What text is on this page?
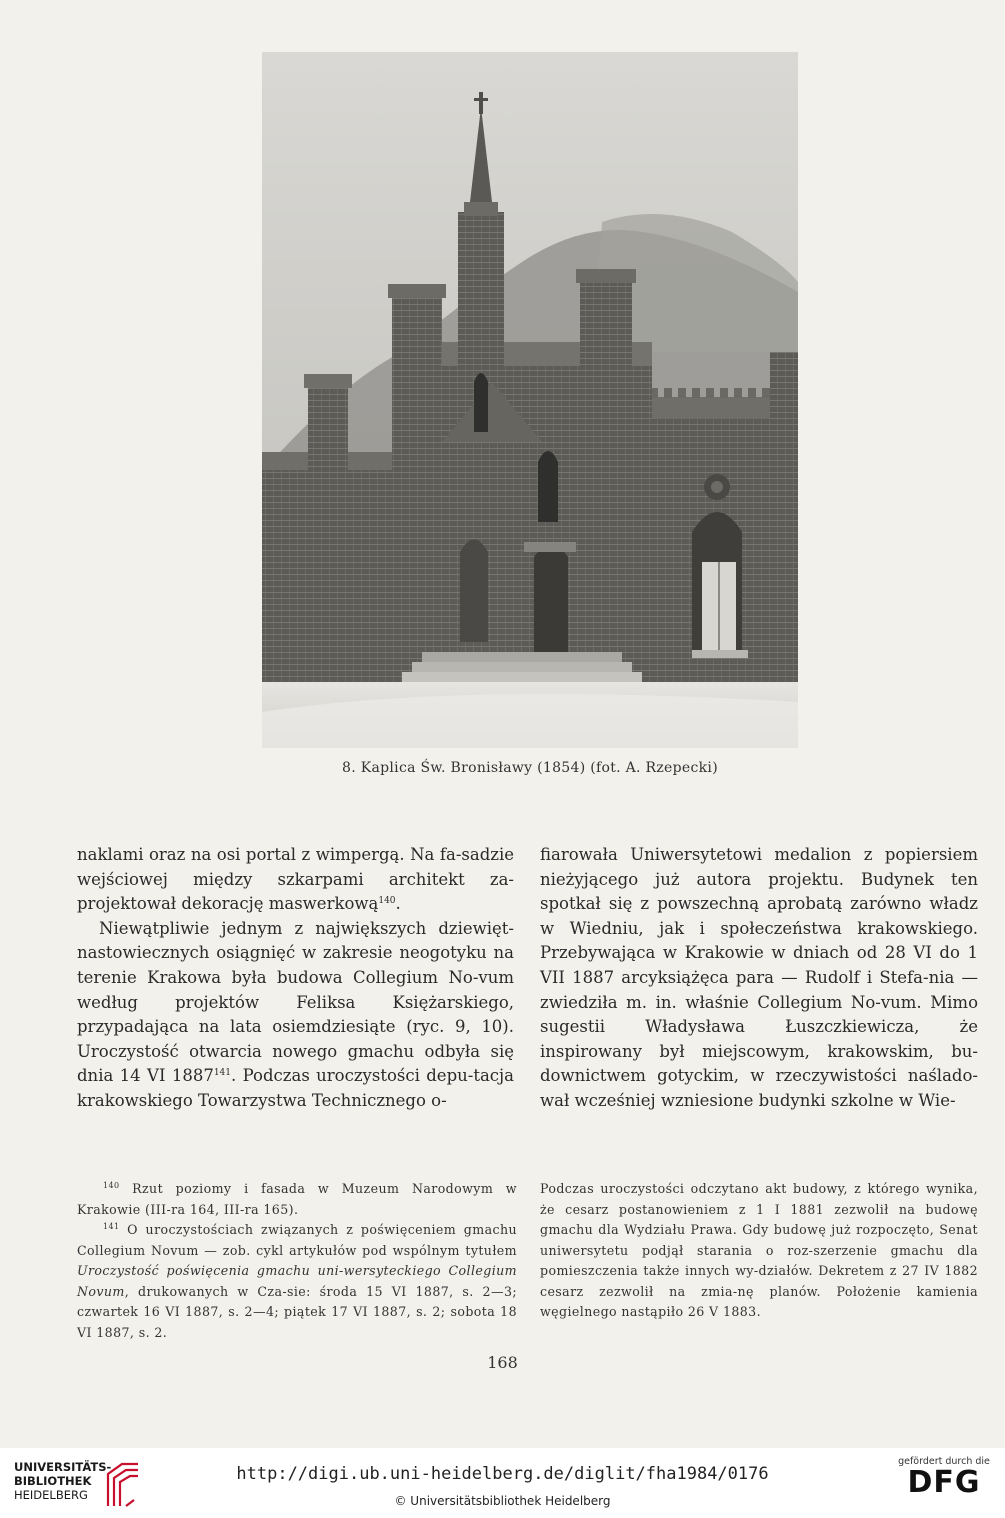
8. Kaplica Św. Bronisławy (1854) (fot. A. Rzepecki)

naklami oraz na osi portal z wimpergą. Na fa-sadzie wejściowej między szkarpami architekt za-projektował dekorację maswerkową$^{140}$.

Niewątpliwie jednym z największych dziewięt-nastowiecznych osiągnięć w zakresie neogotyku na terenie Krakowa była budowa Collegium No-vum według projektów Feliksa Księżarskiego, przypadająca na lata osiemdziesiąte (ryc. 9, 10). Uroczystość otwarcia nowego gmachu odbyła się dnia 14 VI 1887$^{141}$. Podczas uroczystości depu-tacja krakowskiego Towarzystwa Technicznego o-

fiarowała Uniwersytetowi medalion z popiersiem nieżyjącego już autora projektu. Budynek ten spotkał się z powszechną aprobatą zarówno władz w Wiedniu, jak i społeczeństwa krakowskiego. Przebywająca w Krakowie w dniach od 28 VI do 1 VII 1887 arcyksiążęca para — Rudolf i Stefa-nia — zwiedziła m. in. właśnie Collegium No-vum. Mimo sugestii Władysława Łuszczkiewicza, że inspirowany był miejscowym, krakowskim, bu-downictwem gotyckim, w rzeczywistości naślado-wał wcześniej wzniesione budynki szkolne w Wie-

$^{140}$ Rzut poziomy i fasada w Muzeum Narodowym w Krakowie (III-ra 164, III-ra 165).

$^{141}$ O uroczystościach związanych z poświęceniem gmachu Collegium Novum — zob. cykl artykułów pod wspólnym tytułem Uroczystość poświęcenia gmachu uni-wersyteckiego Collegium Novum, drukowanych w Cza-sie: środa 15 VI 1887, s. 2—3; czwartek 16 VI 1887, s. 2—4; piątek 17 VI 1887, s. 2; sobota 18 VI 1887, s. 2.

Podczas uroczystości odczytano akt budowy, z którego wynika, że cesarz postanowieniem z 1 I 1881 zezwolił na budowę gmachu dla Wydziału Prawa. Gdy budowę już rozpoczęto, Senat uniwersytetu podjął starania o roz-szerzenie gmachu dla pomieszczenia także innych wy-działów. Dekretem z 27 IV 1882 cesarz zezwolił na zmia-nę planów. Położenie kamienia węgielnego nastąpiło 26 V 1883.

168
UNIVERSITÄTS-
BIBLIOTHEK
HEIDELBERG
http://digi.ub.uni-heidelberg.de/diglit/fha1984/0176
© Universitätsbibliothek Heidelberg
gefördert durch die
DFG
